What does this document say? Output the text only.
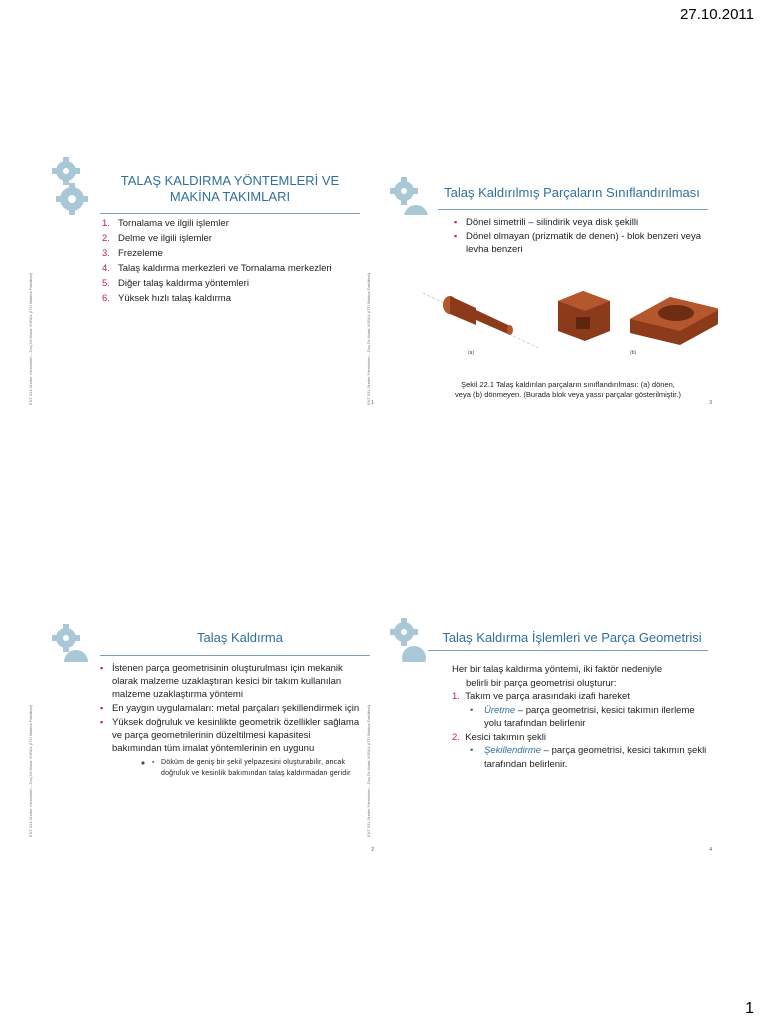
27.10.2011
1
ENT 311 Üretim Yöntemleri – Doç.Dr.Murat VURAL (İTÜ Makina Fakültesi)
TALAŞ KALDIRMA YÖNTEMLERİ VE
MAKİNA TAKIMLARI
1. Tornalama ve ilgili işlemler
2. Delme ve ilgili işlemler
3. Frezeleme
4. Talaş kaldırma merkezleri ve Tornalama merkezleri
5. Diğer talaş kaldırma yöntemleri
6. Yüksek hızlı talaş kaldırma
1
ENT 311 Üretim Yöntemleri – Doç.Dr.Murat VURAL (İTÜ Makina Fakültesi)
Talaş Kaldırılmış Parçaların Sınıflandırılması
▪ Dönel simetrili – silindirik veya disk şekilli
▪ Dönel olmayan (prizmatik de denen) - blok benzeri veya levha benzeri
(a)	(b)
Şekil 22.1 Talaş kaldırılan parçaların sınıflandırılması: (a) dönen,
veya (b) dönmeyen. (Burada blok veya yassı parçalar gösterilmiştir.)
3
ENT 311 Üretim Yöntemleri – Doç.Dr.Murat VURAL (İTÜ Makina Fakültesi)
Talaş Kaldırma
▪ İstenen parça geometrisinin oluşturulması için mekanik olarak malzeme uzaklaştıran kesici bir takım kullanılan malzeme uzaklaştırma yöntemi
▪ En yaygın uygulamaları: metal parçaları şekillendirmek için
▪ Yüksek doğruluk ve kesinlikte geometrik özellikler sağlama ve parça geometrilerinin düzeltilmesi kapasitesi bakımından tüm imalat yöntemlerinin en uygunu
▪ ◦ Döküm de geniş bir şekil yelpazesini oluşturabilir, ancak doğruluk ve kesinlik bakımından talaş kaldırmadan geridir
2
ENT 311 Üretim Yöntemleri – Doç.Dr.Murat VURAL (İTÜ Makina Fakültesi)
Talaş Kaldırma İşlemleri ve Parça Geometrisi
Her bir talaş kaldırma yöntemi, iki faktör nedeniyle
belirli bir parça geometrisi oluşturur:
1. Takım ve parça arasındaki izafi hareket
• Üretme – parça geometrisi, kesici takımın ilerleme yolu tarafından belirlenir
2. Kesici takımın şekli
• Şekillendirme – parça geometrisi, kesici takımın şekli tarafından belirlenir.
4
